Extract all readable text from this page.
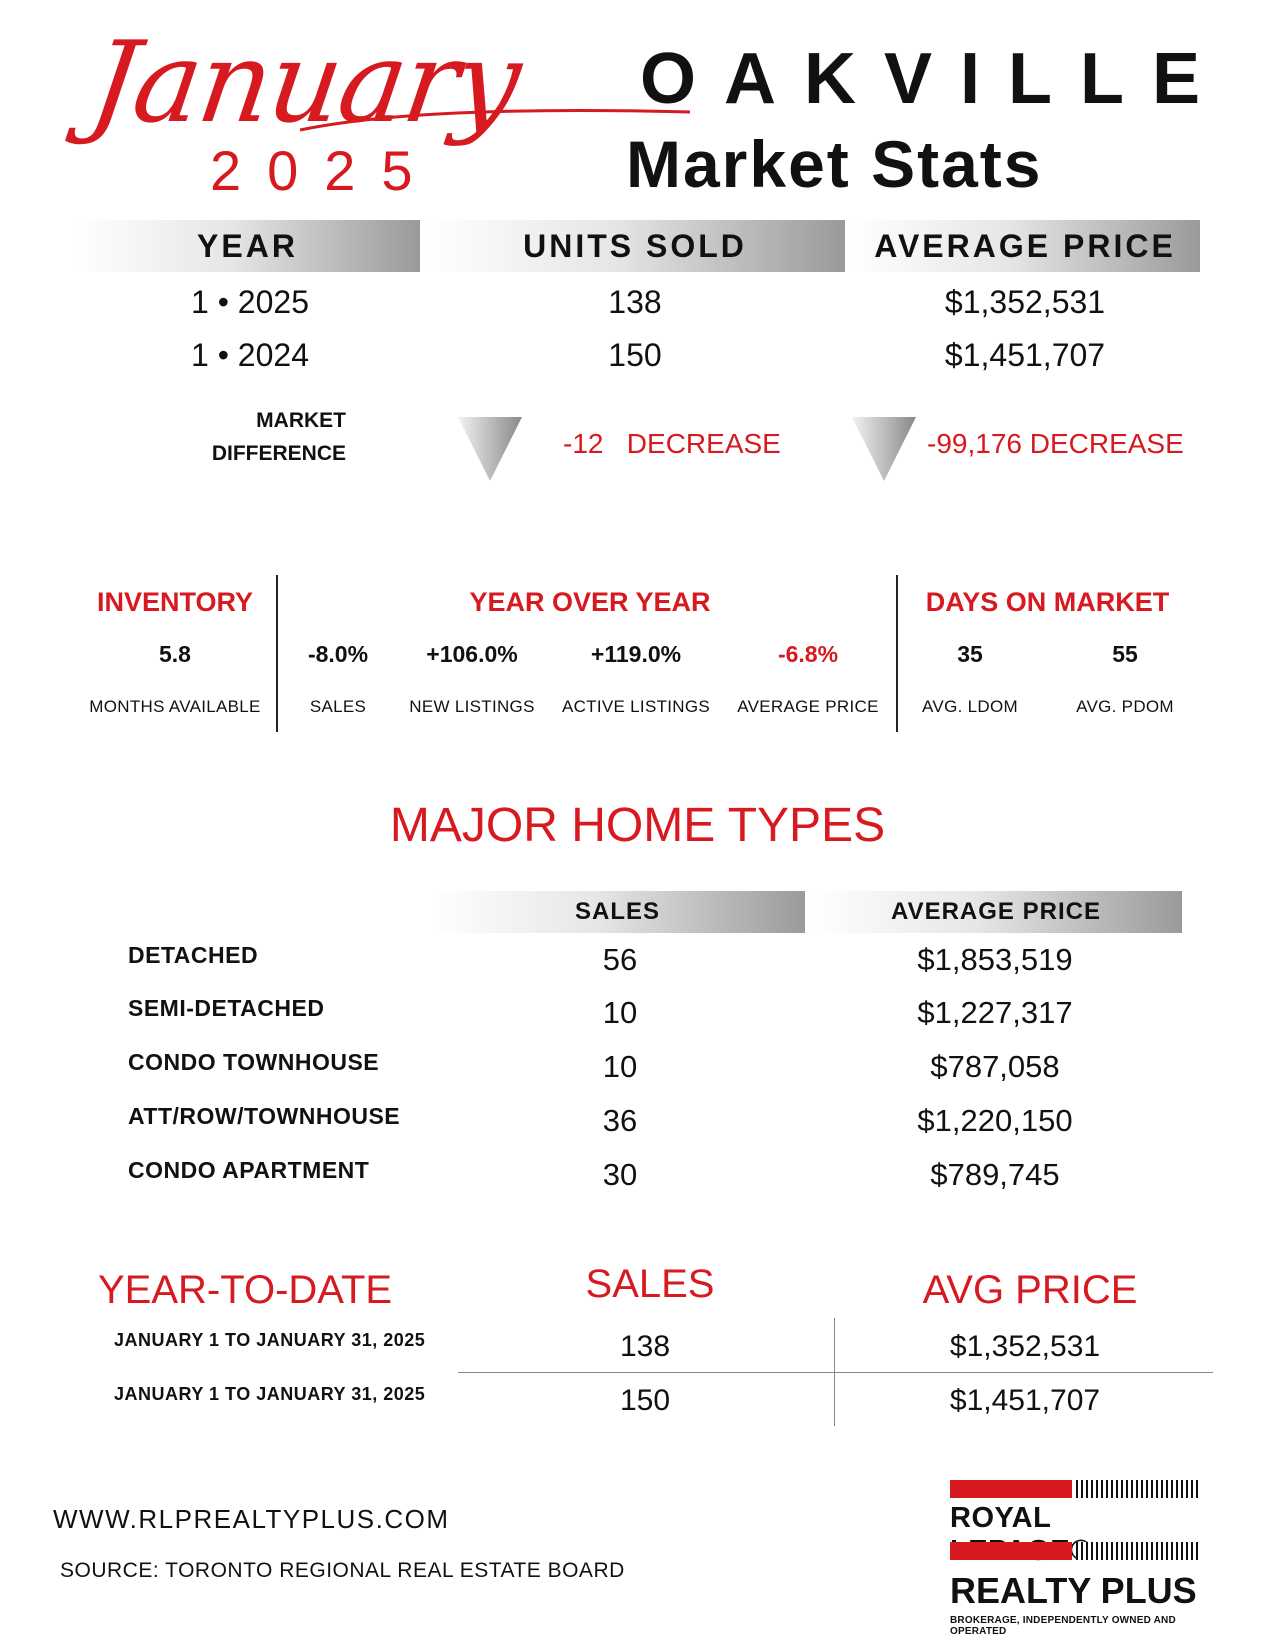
January
2025
OAKVILLE
Market Stats
YEAR	UNITS SOLD	AVERAGE PRICE
1 • 2025	138	$1,352,531
1 • 2024	150	$1,451,707
MARKET
DIFFERENCE	-12   DECREASE	-99,176 DECREASE
INVENTORY
5.8
MONTHS AVAILABLE
YEAR OVER YEAR
-8.0%
SALES
+106.0%
NEW LISTINGS
+119.0%
ACTIVE LISTINGS
-6.8%
AVERAGE PRICE
DAYS ON MARKET
35
AVG. LDOM
55
AVG. PDOM
MAJOR HOME TYPES
SALES	AVERAGE PRICE
DETACHED	56	$1,853,519
SEMI-DETACHED	10	$1,227,317
CONDO TOWNHOUSE	10	$787,058
ATT/ROW/TOWNHOUSE	36	$1,220,150
CONDO APARTMENT	30	$789,745
YEAR-TO-DATE	SALES	AVG PRICE
JANUARY 1 TO JANUARY 31, 2025	138	$1,352,531
JANUARY 1 TO JANUARY 31, 2025	150	$1,451,707
WWW.RLPREALTYPLUS.COM
SOURCE: TORONTO REGIONAL REAL ESTATE BOARD
ROYAL
REALTY PLUS
BROKERAGE, INDEPENDENTLY OWNED AND OPERATED
